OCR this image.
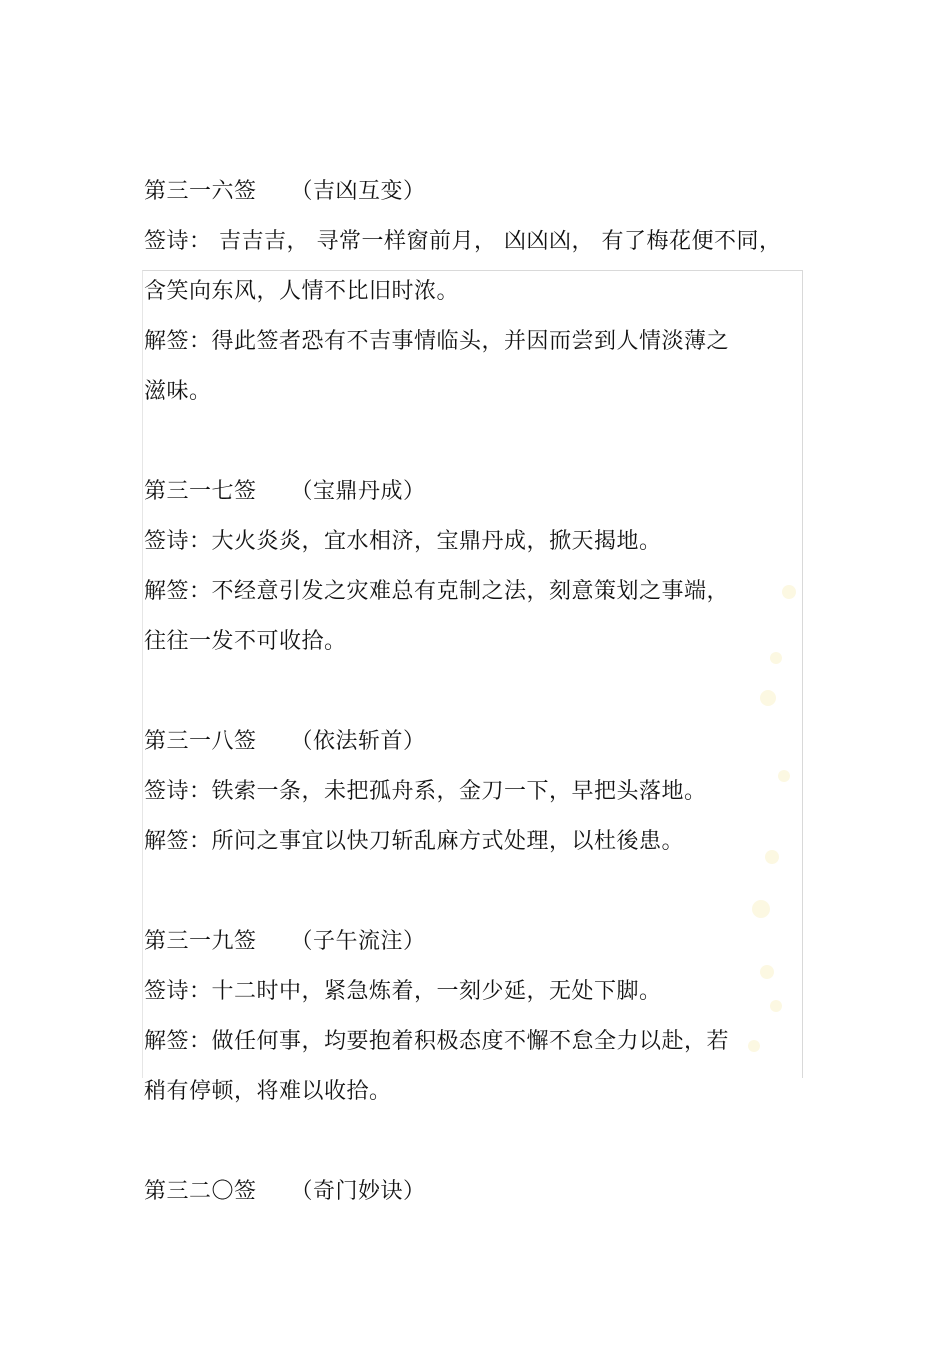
第三一六签　　（吉凶互变）
签诗： 吉吉吉， 寻常一样窗前月， 凶凶凶， 有了梅花便不同，
含笑向东风，人情不比旧时浓。
解签：得此签者恐有不吉事情临头，并因而尝到人情淡薄之
滋味。
第三一七签　　（宝鼎丹成）
签诗：大火炎炎，宜水相济，宝鼎丹成，掀天揭地。
解签：不经意引发之灾难总有克制之法，刻意策划之事端，
往往一发不可收拾。
第三一八签　　（依法斩首）
签诗：铁索一条，未把孤舟系，金刀一下，早把头落地。
解签：所问之事宜以快刀斩乱麻方式处理，以杜後患。
第三一九签　　（子午流注）
签诗：十二时中，紧急炼着，一刻少延，无处下脚。
解签：做任何事，均要抱着积极态度不懈不怠全力以赴，若
稍有停顿，将难以收拾。
第三二〇签　　（奇门妙诀）
